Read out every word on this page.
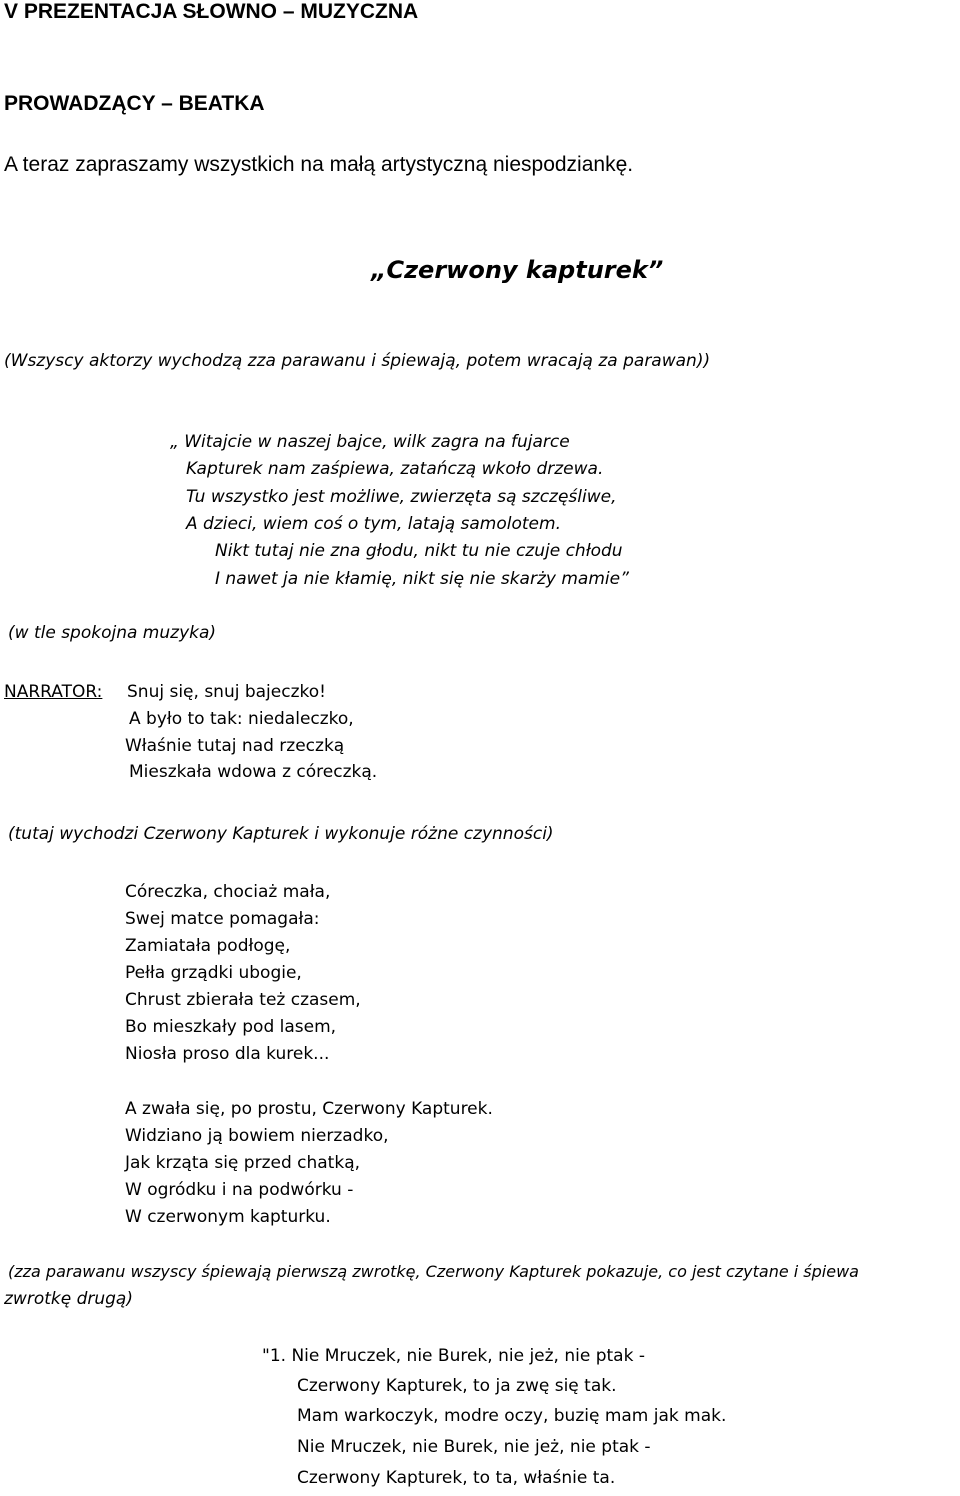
V PREZENTACJA SŁOWNO – MUZYCZNA
PROWADZĄCY – BEATKA
A teraz zapraszamy wszystkich na małą artystyczną niespodziankę.
„Czerwony kapturek”
(Wszyscy aktorzy wychodzą zza parawanu i śpiewają, potem wracają za parawan))
„ Witajcie w naszej bajce, wilk zagra na fujarce
Kapturek nam zaśpiewa, zatańczą wkoło drzewa.
Tu wszystko jest możliwe, zwierzęta są szczęśliwe,
A dzieci, wiem coś o tym, latają samolotem.
Nikt tutaj nie zna głodu, nikt tu nie czuje chłodu
I nawet ja nie kłamię, nikt się nie skarży mamie”
(w tle spokojna muzyka)
NARRATOR: Snuj się, snuj bajeczko!
A było to tak: niedaleczko,
Właśnie tutaj nad rzeczką
Mieszkała wdowa z córeczką.
(tutaj wychodzi Czerwony Kapturek i wykonuje różne czynności)
Córeczka, chociaż mała,
Swej matce pomagała:
Zamiatała podłogę,
Pełła grządki ubogie,
Chrust zbierała też czasem,
Bo mieszkały pod lasem,
Niosła proso dla kurek...
A zwała się, po prostu, Czerwony Kapturek.
Widziano ją bowiem nierzadko,
Jak krząta się przed chatką,
W ogródku i na podwórku -
W czerwonym kapturku.
(zza parawanu wszyscy śpiewają pierwszą zwrotkę, Czerwony Kapturek pokazuje, co jest czytane i śpiewa
zwrotkę drugą)
"1. Nie Mruczek, nie Burek, nie jeż, nie ptak -
Czerwony Kapturek, to ja zwę się tak.
Mam warkoczyk, modre oczy, buzię mam jak mak.
Nie Mruczek, nie Burek, nie jeż, nie ptak -
Czerwony Kapturek, to ta, właśnie ta.
